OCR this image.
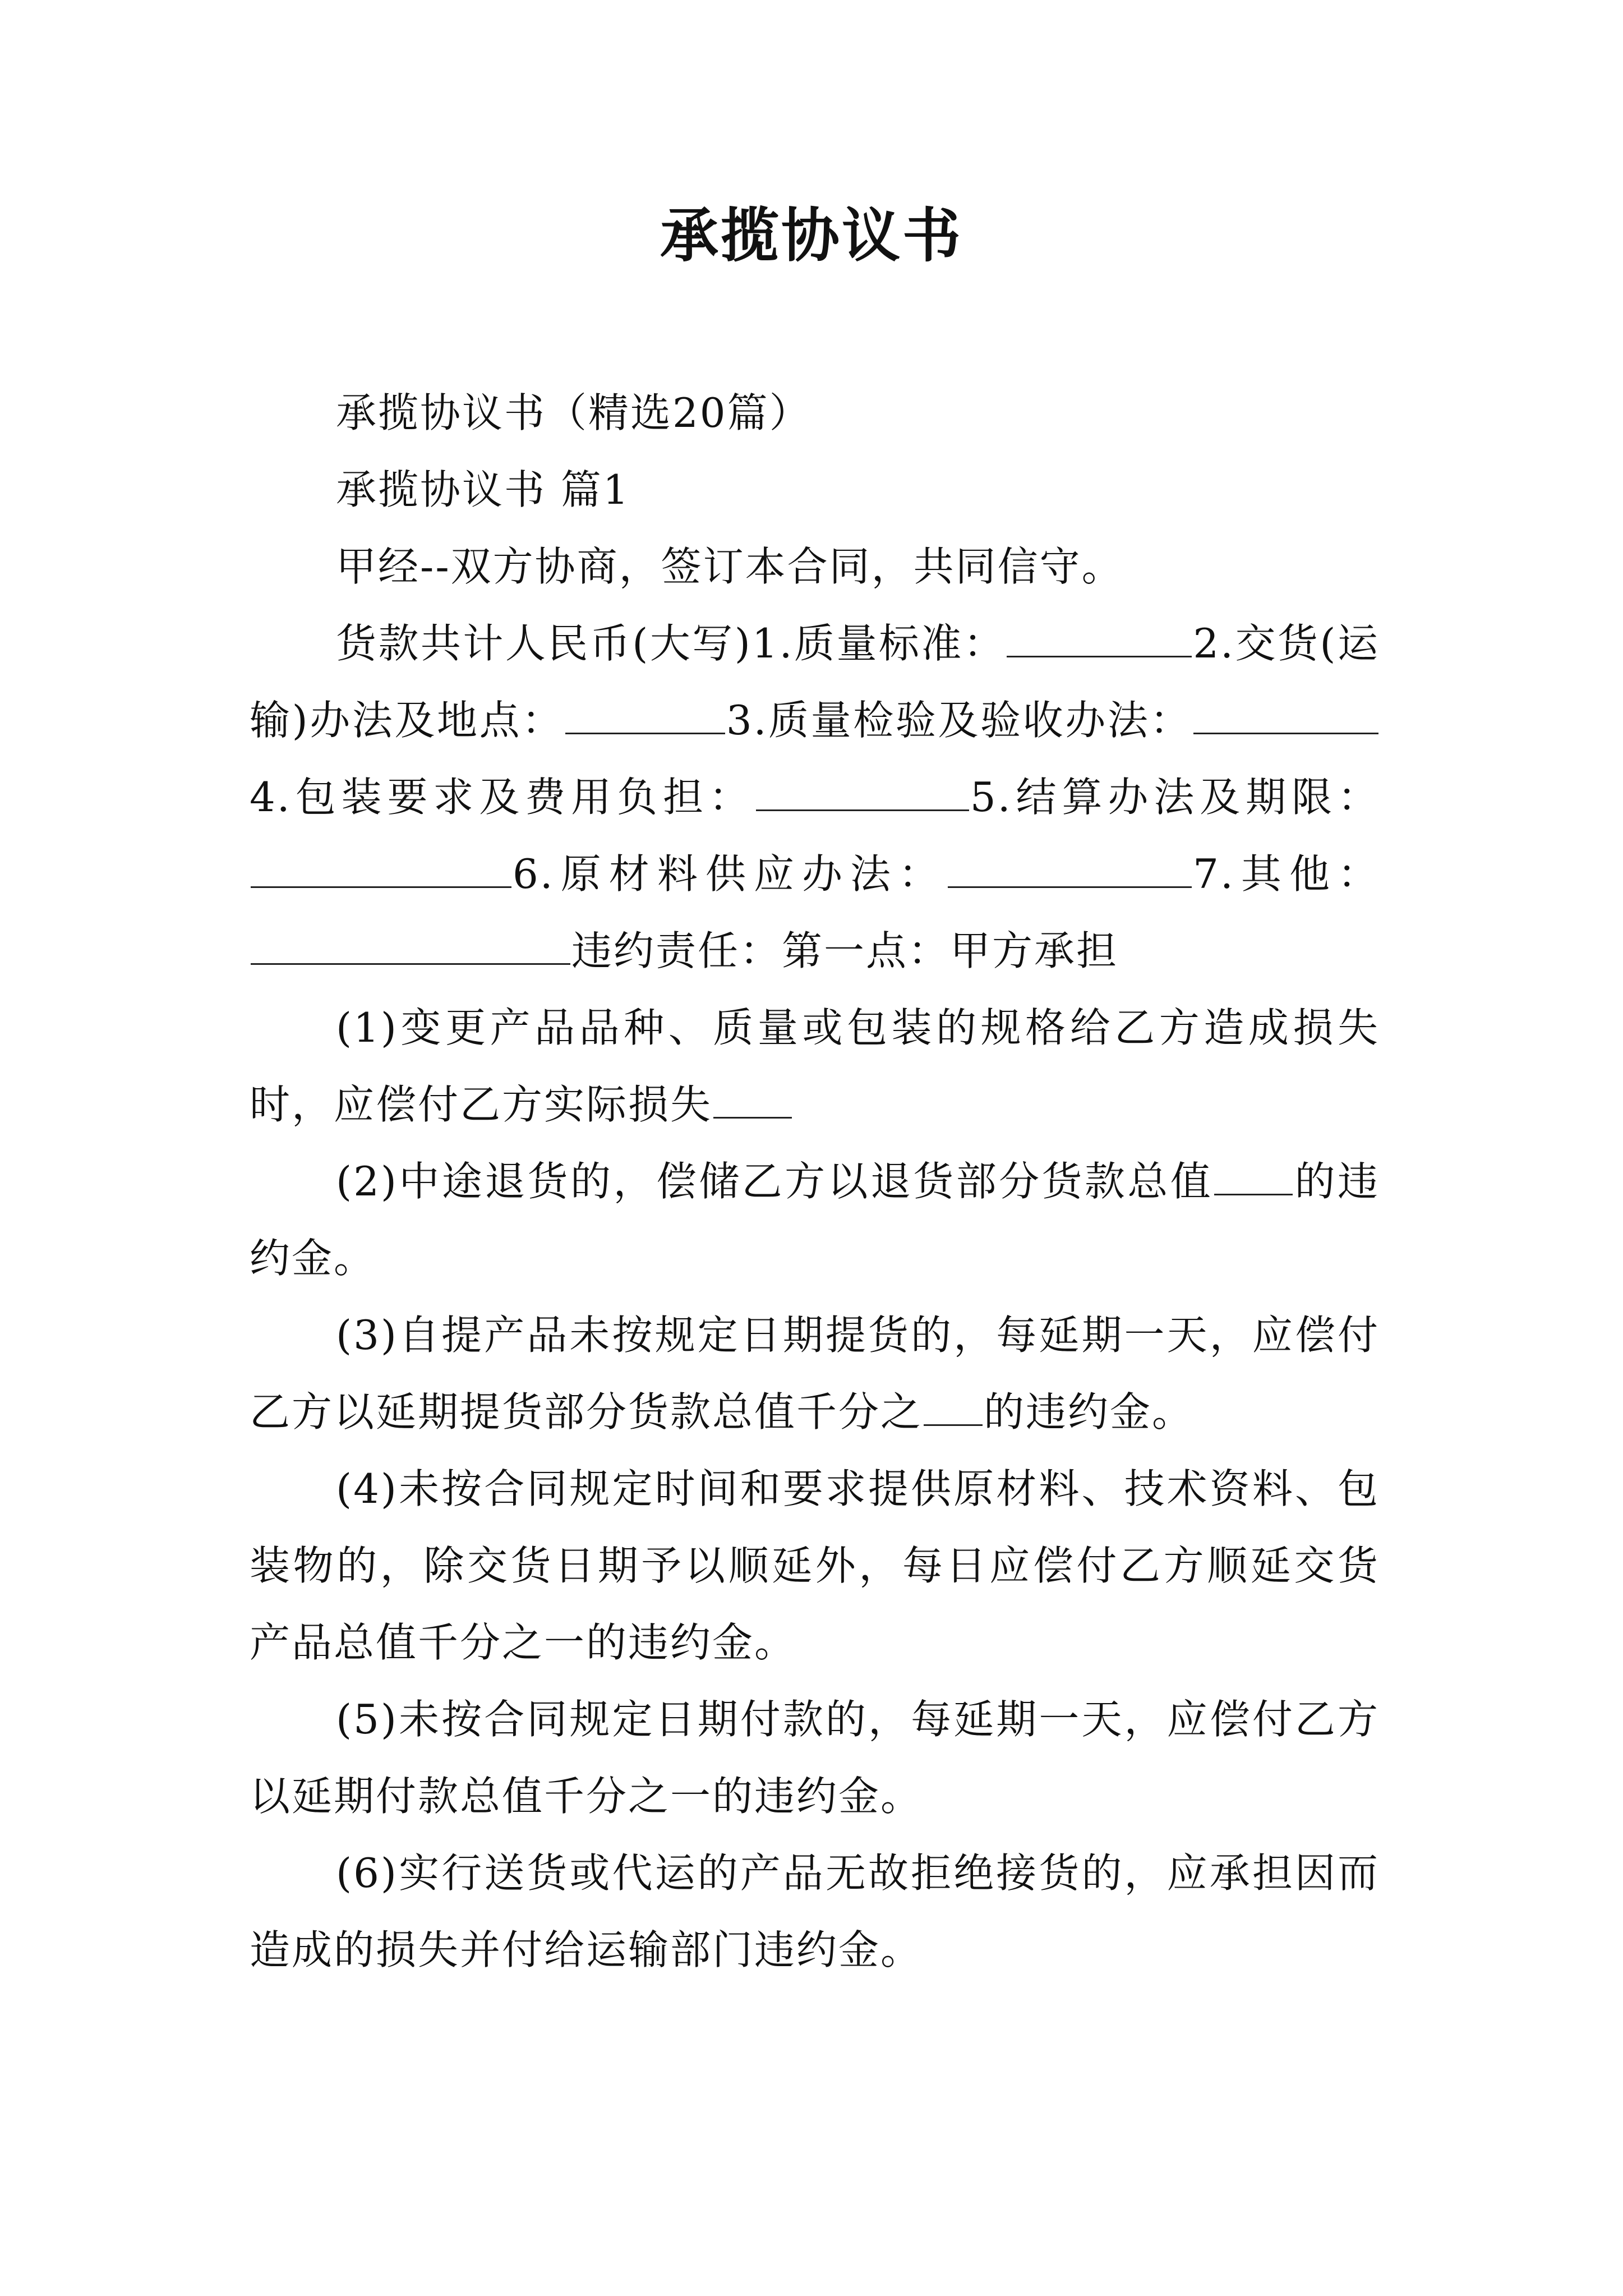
承揽协议书

承揽协议书（精选20篇）

承揽协议书 篇1

甲经--双方协商，签订本合同，共同信守。

货款共计人民币(大写)1.质量标准：	2.交货(运输)办法及地点：	3.质量检验及验收办法：4.包装要求及费用负担：	5.结算办法及期限：6.原材料供应办法：	7.其他：违约责任：第一点：甲方承担

(1)变更产品品种、质量或包装的规格给乙方造成损失时，应偿付乙方实际损失

(2)中途退货的，偿储乙方以退货部分货款总值 的违约金。

(3)自提产品未按规定日期提货的，每延期一天，应偿付乙方以延期提货部分货款总值千分之 的违约金。

(4)未按合同规定时间和要求提供原材料、技术资料、包装物的，除交货日期予以顺延外，每日应偿付乙方顺延交货产品总值千分之一的违约金。

(5)未按合同规定日期付款的，每延期一天，应偿付乙方以延期付款总值千分之一的违约金。

(6)实行送货或代运的产品无故拒绝接货的，应承担因而造成的损失并付给运输部门违约金。
